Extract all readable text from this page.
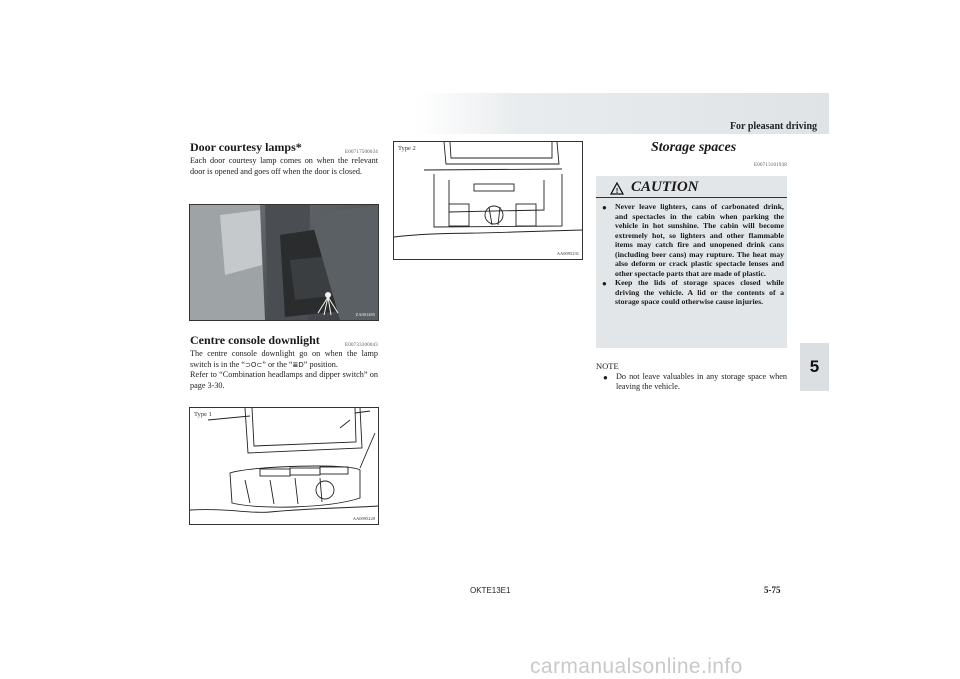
For pleasant driving
5
Door courtesy lamps*	E00717500034
Each door courtesy lamp comes on when the relevant door is opened and goes off when the door is closed.
ZA001485
Centre console downlight	E00733300043
The centre console downlight go on when the lamp switch is in the “⊃O⊂” or the “≣D” position.
Refer to “Combination headlamps and dipper switch” on page 3-30.
Type 1
AA0095228
Type 2
AA0095231
Storage spaces
E00713101938
! CAUTION
● Never leave lighters, cans of carbonated drink, and spectacles in the cabin when parking the vehicle in hot sunshine. The cabin will become extremely hot, so lighters and other flammable items may catch fire and unopened drink cans (including beer cans) may rupture. The heat may also deform or crack plastic spectacle lenses and other spectacle parts that are made of plastic.
● Keep the lids of storage spaces closed while driving the vehicle. A lid or the contents of a storage space could otherwise cause injuries.
NOTE
● Do not leave valuables in any storage space when leaving the vehicle.
OKTE13E1	5-75
carmanualsonline.info
